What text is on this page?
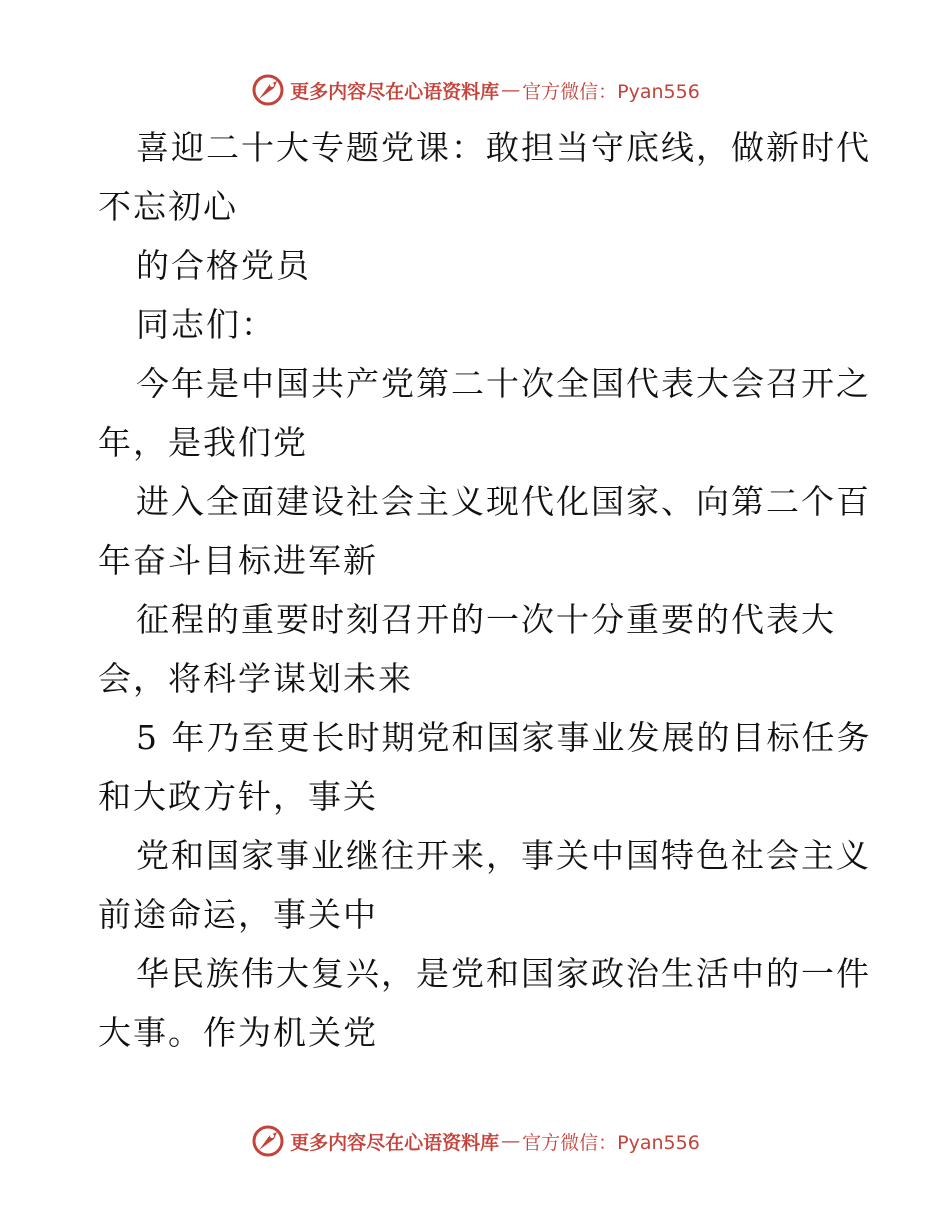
更多内容尽在心语资料库 — 官方微信：Pyan556
喜迎二十大专题党课：敢担当守底线，做新时代
不忘初心
的合格党员
同志们：
今年是中国共产党第二十次全国代表大会召开之
年，是我们党
进入全面建设社会主义现代化国家、向第二个百
年奋斗目标进军新
征程的重要时刻召开的一次十分重要的代表大
会，将科学谋划未来
5 年乃至更长时期党和国家事业发展的目标任务
和大政方针，事关
党和国家事业继往开来，事关中国特色社会主义
前途命运，事关中
华民族伟大复兴，是党和国家政治生活中的一件
大事。作为机关党
更多内容尽在心语资料库 — 官方微信：Pyan556
